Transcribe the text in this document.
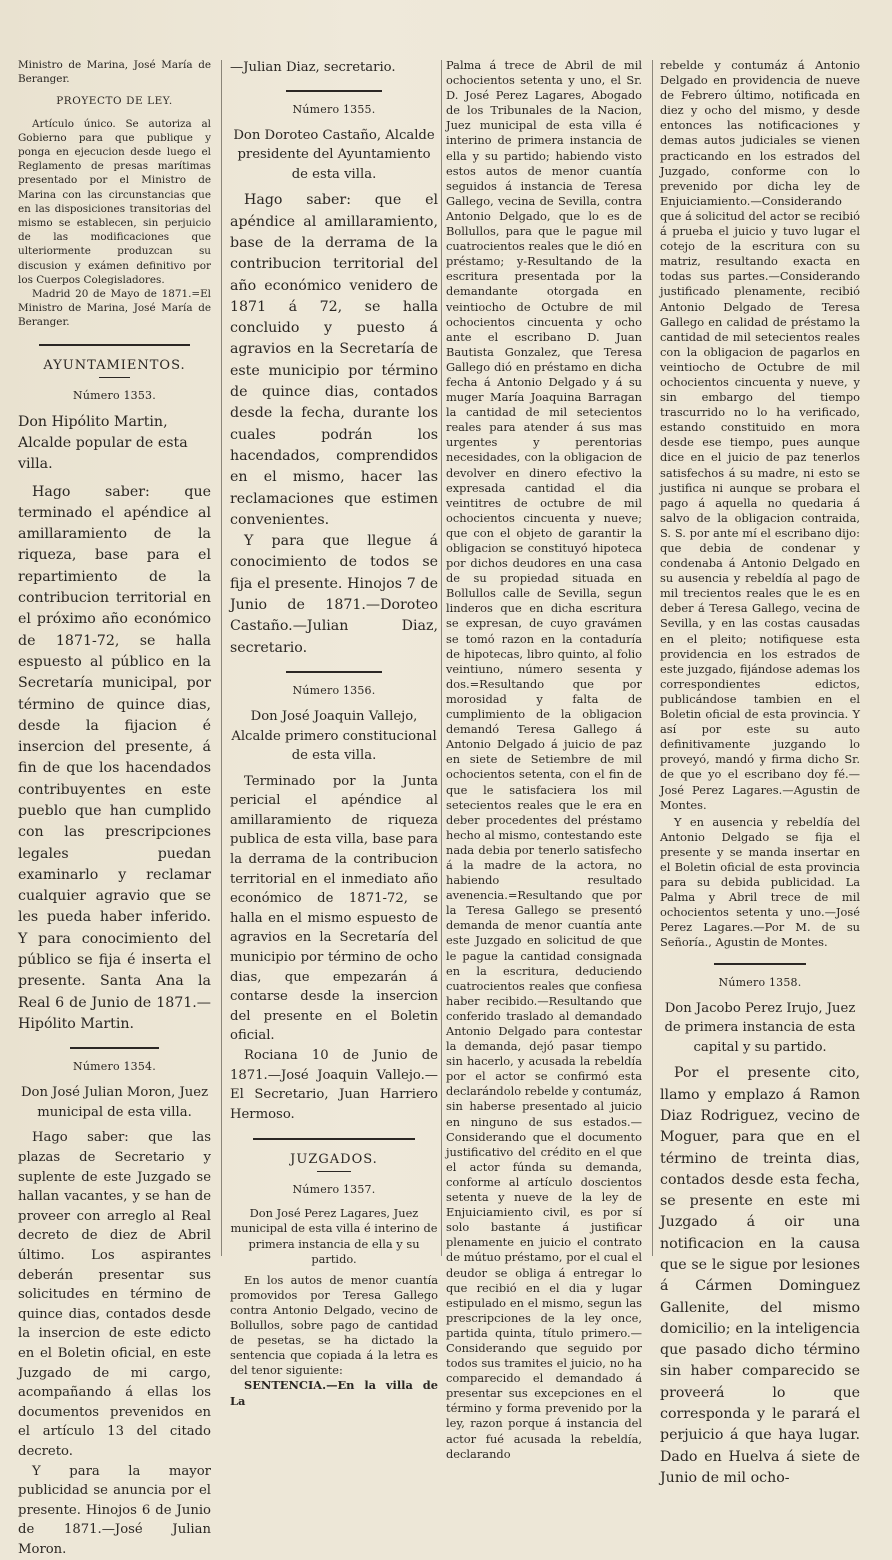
Ministro de Marina, José María de Beranger.

PROYECTO DE LEY.

Artículo único. Se autoriza al Gobierno para que publique y ponga en ejecucion desde luego el Reglamento de presas marítimas presentado por el Ministro de Marina con las circunstancias que en las disposiciones transitorias del mismo se establecen, sin perjuicio de las modificaciones que ulteriormente produzcan su discusion y exámen definitivo por los Cuerpos Colegisladores.

Madrid 20 de Mayo de 1871.=El Ministro de Marina, José María de Beranger.

AYUNTAMIENTOS.

Número 1353.

Don Hipólito Martin, Alcalde popular de esta villa.

Hago saber: que terminado el apéndice al amillaramiento de la riqueza, base para el repartimiento de la contribucion territorial en el próximo año económico de 1871-72, se halla espuesto al público en la Secretaría municipal, por término de quince dias, desde la fijacion é insercion del presente, á fin de que los hacendados contribuyentes en este pueblo que han cumplido con las prescripciones legales puedan examinarlo y reclamar cualquier agravio que se les pueda haber inferido. Y para conocimiento del público se fija é inserta el presente. Santa Ana la Real 6 de Junio de 1871.—Hipólito Martin.

Número 1354.

Don José Julian Moron, Juez municipal de esta villa.

Hago saber: que las plazas de Secretario y suplente de este Juzgado se hallan vacantes, y se han de proveer con arreglo al Real decreto de diez de Abril último. Los aspirantes deberán presentar sus solicitudes en término de quince dias, contados desde la insercion de este edicto en el Boletin oficial, en este Juzgado de mi cargo, acompañando á ellas los documentos prevenidos en el artículo 13 del citado decreto.

Y para la mayor publicidad se anuncia por el presente. Hinojos 6 de Junio de 1871.—José Julian Moron.

—Julian Diaz, secretario.

Número 1355.

Don Doroteo Castaño, Alcalde presidente del Ayuntamiento de esta villa.

Hago saber: que el apéndice al amillaramiento, base de la derrama de la contribucion territorial del año económico venidero de 1871 á 72, se halla concluido y puesto á agravios en la Secretaría de este municipio por término de quince dias, contados desde la fecha, durante los cuales podrán los hacendados, comprendidos en el mismo, hacer las reclamaciones que estimen convenientes.

Y para que llegue á conocimiento de todos se fija el presente. Hinojos 7 de Junio de 1871.—Doroteo Castaño.—Julian Diaz, secretario.

Número 1356.

Don José Joaquin Vallejo, Alcalde primero constitucional de esta villa.

Terminado por la Junta pericial el apéndice al amillaramiento de riqueza publica de esta villa, base para la derrama de la contribucion territorial en el inmediato año económico de 1871-72, se halla en el mismo espuesto de agravios en la Secretaría del municipio por término de ocho dias, que empezarán á contarse desde la insercion del presente en el Boletin oficial.

Rociana 10 de Junio de 1871.—José Joaquin Vallejo.—El Secretario, Juan Harriero Hermoso.

JUZGADOS.

Número 1357.

Don José Perez Lagares, Juez municipal de esta villa é interino de primera instancia de ella y su partido.

En los autos de menor cuantía promovidos por Teresa Gallego contra Antonio Delgado, vecino de Bollullos, sobre pago de cantidad de pesetas, se ha dictado la sentencia que copiada á la letra es del tenor siguiente:

SENTENCIA.—En la villa de La

Palma á trece de Abril de mil ochocientos setenta y uno, el Sr. D. José Perez Lagares, Abogado de los Tribunales de la Nacion, Juez municipal de esta villa é interino de primera instancia de ella y su partido; habiendo visto estos autos de menor cuantía seguidos á instancia de Teresa Gallego, vecina de Sevilla, contra Antonio Delgado, que lo es de Bollullos, para que le pague mil cuatrocientos reales que le dió en préstamo; y-Resultando de la escritura presentada por la demandante otorgada en veintiocho de Octubre de mil ochocientos cincuenta y ocho ante el escribano D. Juan Bautista Gonzalez, que Teresa Gallego dió en préstamo en dicha fecha á Antonio Delgado y á su muger María Joaquina Barragan la cantidad de mil setecientos reales para atender á sus mas urgentes y perentorias necesidades, con la obligacion de devolver en dinero efectivo la expresada cantidad el dia veintitres de octubre de mil ochocientos cincuenta y nueve; que con el objeto de garantir la obligacion se constituyó hipoteca por dichos deudores en una casa de su propiedad situada en Bollullos calle de Sevilla, segun linderos que en dicha escritura se expresan, de cuyo gravámen se tomó razon en la contaduría de hipotecas, libro quinto, al folio veintiuno, número sesenta y dos.=Resultando que por morosidad y falta de cumplimiento de la obligacion demandó Teresa Gallego á Antonio Delgado á juicio de paz en siete de Setiembre de mil ochocientos setenta, con el fin de que le satisfaciera los mil setecientos reales que le era en deber procedentes del préstamo hecho al mismo, contestando este nada debia por tenerlo satisfecho á la madre de la actora, no habiendo resultado avenencia.=Resultando que por la Teresa Gallego se presentó demanda de menor cuantía ante este Juzgado en solicitud de que le pague la cantidad consignada en la escritura, deduciendo cuatrocientos reales que confiesa haber recibido.—Resultando que conferido traslado al demandado Antonio Delgado para contestar la demanda, dejó pasar tiempo sin hacerlo, y acusada la rebeldía por el actor se confirmó esta declarándolo rebelde y contumáz, sin haberse presentado al juicio en ninguno de sus estados.—Considerando que el documento justificativo del crédito en el que el actor fúnda su demanda, conforme al artículo doscientos setenta y nueve de la ley de Enjuiciamiento civil, es por sí solo bastante á justificar plenamente en juicio el contrato de mútuo préstamo, por el cual el deudor se obliga á entregar lo que recibió en el dia y lugar estipulado en el mismo, segun las prescripciones de la ley once, partida quinta, título primero.—Considerando que seguido por todos sus tramites el juicio, no ha comparecido el demandado á presentar sus excepciones en el término y forma prevenido por la ley, razon porque á instancia del actor fué acusada la rebeldía, declarando

rebelde y contumáz á Antonio Delgado en providencia de nueve de Febrero último, notificada en diez y ocho del mismo, y desde entonces las notificaciones y demas autos judiciales se vienen practicando en los estrados del Juzgado, conforme con lo prevenido por dicha ley de Enjuiciamiento.—Considerando que á solicitud del actor se recibió á prueba el juicio y tuvo lugar el cotejo de la escritura con su matriz, resultando exacta en todas sus partes.—Considerando justificado plenamente, recibió Antonio Delgado de Teresa Gallego en calidad de préstamo la cantidad de mil setecientos reales con la obligacion de pagarlos en veintiocho de Octubre de mil ochocientos cincuenta y nueve, y sin embargo del tiempo trascurrido no lo ha verificado, estando constituido en mora desde ese tiempo, pues aunque dice en el juicio de paz tenerlos satisfechos á su madre, ni esto se justifica ni aunque se probara el pago á aquella no quedaria á salvo de la obligacion contraida, S. S. por ante mí el escribano dijo: que debia de condenar y condenaba á Antonio Delgado en su ausencia y rebeldía al pago de mil trecientos reales que le es en deber á Teresa Gallego, vecina de Sevilla, y en las costas causadas en el pleito; notifiquese esta providencia en los estrados de este juzgado, fijándose ademas los correspondientes edictos, publicándose tambien en el Boletin oficial de esta provincia. Y así por este su auto definitivamente juzgando lo proveyó, mandó y firma dicho Sr. de que yo el escribano doy fé.—José Perez Lagares.—Agustin de Montes.

Y en ausencia y rebeldía del Antonio Delgado se fija el presente y se manda insertar en el Boletin oficial de esta provincia para su debida publicidad. La Palma y Abril trece de mil ochocientos setenta y uno.—José Perez Lagares.—Por M. de su Señoría., Agustin de Montes.

Número 1358.

Don Jacobo Perez Irujo, Juez de primera instancia de esta capital y su partido.

Por el presente cito, llamo y emplazo á Ramon Diaz Rodriguez, vecino de Moguer, para que en el término de treinta dias, contados desde esta fecha, se presente en este mi Juzgado á oir una notificacion en la causa que se le sigue por lesiones á Cármen Dominguez Gallenite, del mismo domicilio; en la inteligencia que pasado dicho término sin haber comparecido se proveerá lo que corresponda y le parará el perjuicio á que haya lugar. Dado en Huelva á siete de Junio de mil ocho-
